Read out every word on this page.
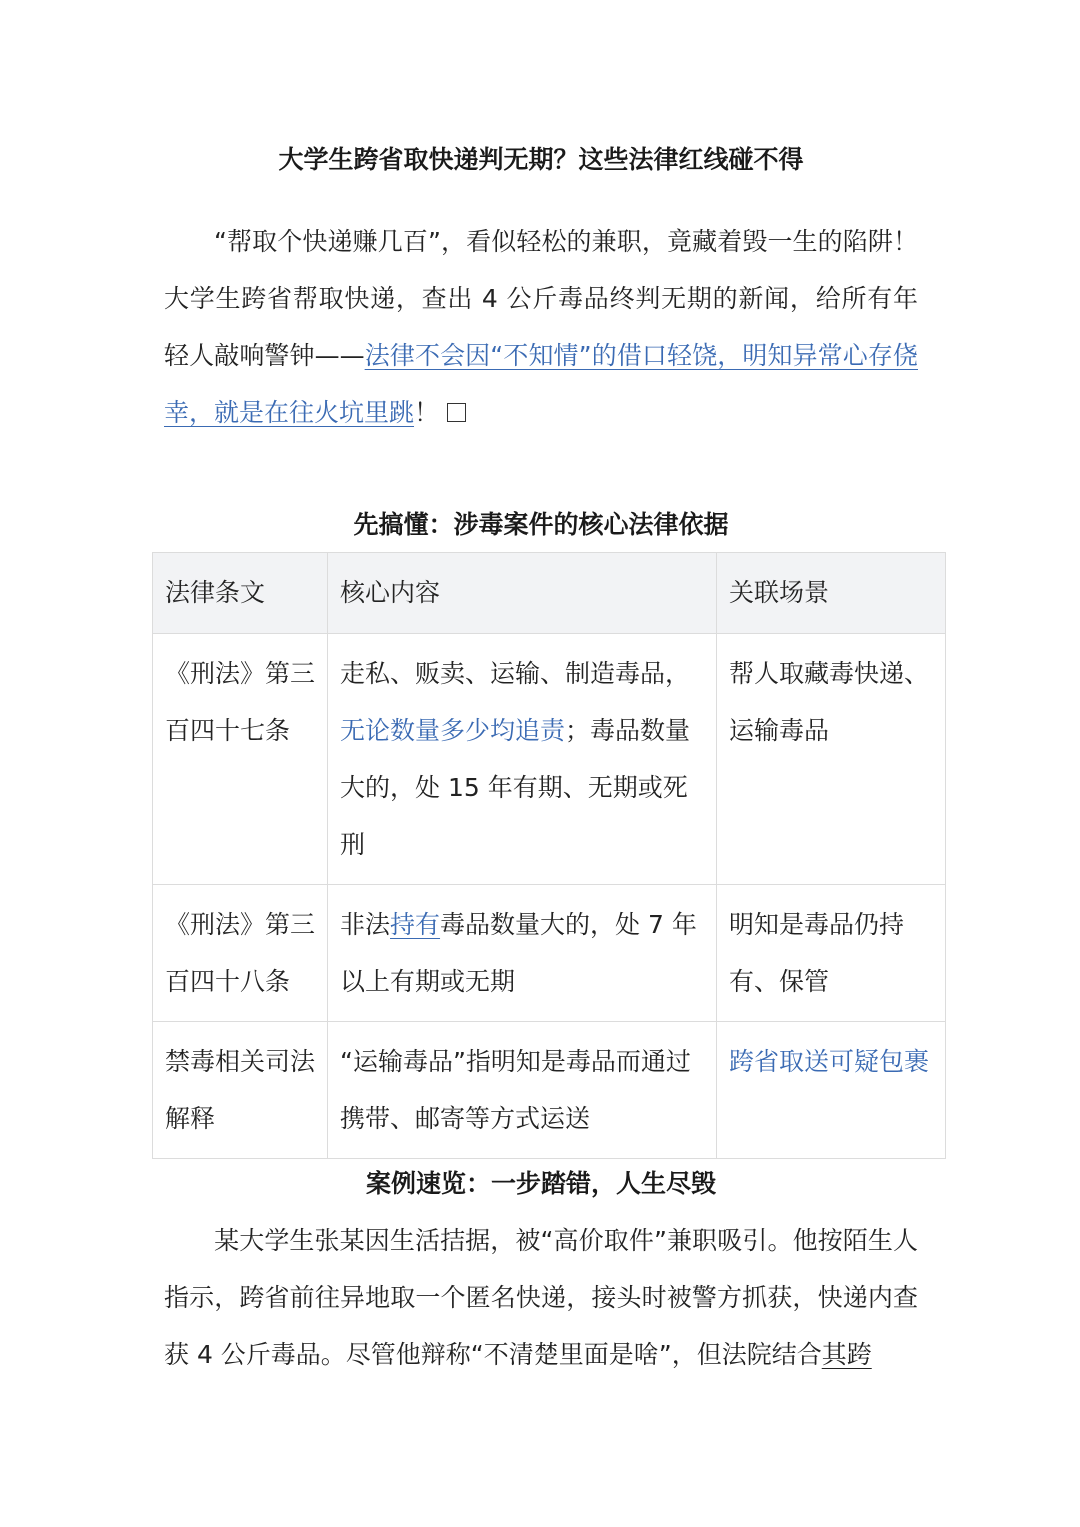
大学生跨省取快递判无期？这些法律红线碰不得
“帮取个快递赚几百”，看似轻松的兼职，竟藏着毁一生的陷阱！大学生跨省帮取快递，查出 4 公斤毒品终判无期的新闻，给所有年轻人敲响警钟——法律不会因“不知情”的借口轻饶，明知异常心存侥幸，就是在往火坑里跳！
先搞懂：涉毒案件的核心法律依据
法律条文	核心内容	关联场景
《刑法》第三百四十七条	走私、贩卖、运输、制造毒品，无论数量多少均追责；毒品数量大的，处 15 年有期、无期或死刑	帮人取藏毒快递、运输毒品
《刑法》第三百四十八条	非法持有毒品数量大的，处 7 年以上有期或无期	明知是毒品仍持有、保管
禁毒相关司法解释	“运输毒品”指明知是毒品而通过携带、邮寄等方式运送	跨省取送可疑包裹
案例速览：一步踏错，人生尽毁
某大学生张某因生活拮据，被“高价取件”兼职吸引。他按陌生人指示，跨省前往异地取一个匿名快递，接头时被警方抓获，快递内查获 4 公斤毒品。尽管他辩称“不清楚里面是啥”，但法院结合其跨
